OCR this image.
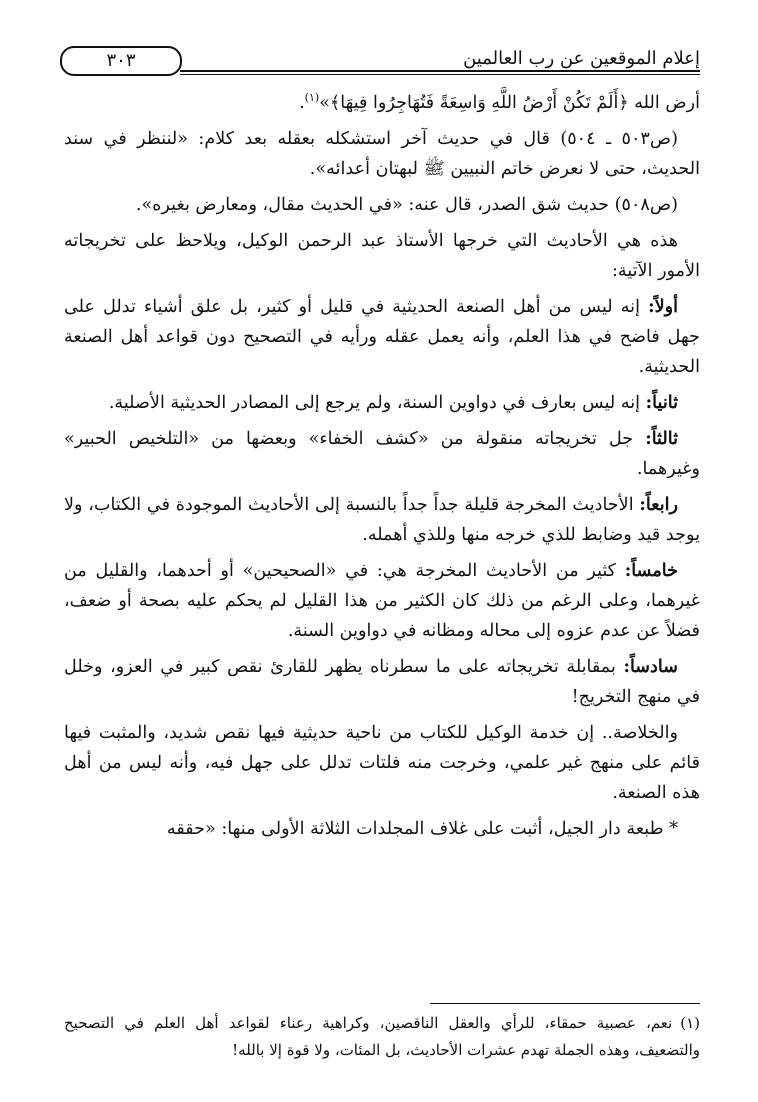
إعلام الموقعين عن رب العالمين
٣٠٣

أرض الله ﴿أَلَمْ تَكُنْ أَرْضُ اللَّهِ وَاسِعَةً فَتُهَاجِرُوا فِيهَا﴾»$^{(١)}$.

(ص٥٠٣ ـ ٥٠٤) قال في حديث آخر استشكله بعقله بعد كلام: «لننظر في سند الحديث، حتى لا نعرض خاتم النبيين ﷺ لبهتان أعدائه».

(ص٥٠٨) حديث شق الصدر، قال عنه: «في الحديث مقال، ومعارض بغيره».

هذه هي الأحاديث التي خرجها الأستاذ عبد الرحمن الوكيل، ويلاحظ على تخريجاته الأمور الآتية:

أولاً: إنه ليس من أهل الصنعة الحديثية في قليل أو كثير، بل علق أشياء تدلل على جهل فاضح في هذا العلم، وأنه يعمل عقله ورأيه في التصحيح دون قواعد أهل الصنعة الحديثية.

ثانياً: إنه ليس بعارف في دواوين السنة، ولم يرجع إلى المصادر الحديثية الأصلية.

ثالثاً: جل تخريجاته منقولة من «كشف الخفاء» وبعضها من «التلخيص الحبير» وغيرهما.

رابعاً: الأحاديث المخرجة قليلة جداً جداً بالنسبة إلى الأحاديث الموجودة في الكتاب، ولا يوجد قيد وضابط للذي خرجه منها وللذي أهمله.

خامساً: كثير من الأحاديث المخرجة هي: في «الصحيحين» أو أحدهما، والقليل من غيرهما، وعلى الرغم من ذلك كان الكثير من هذا القليل لم يحكم عليه بصحة أو ضعف، فضلاً عن عدم عزوه إلى محاله ومظانه في دواوين السنة.

سادساً: بمقابلة تخريجاته على ما سطرناه يظهر للقارئ نقص كبير في العزو، وخلل في منهج التخريج!

والخلاصة.. إن خدمة الوكيل للكتاب من ناحية حديثية فيها نقص شديد، والمثبت فيها قائم على منهج غير علمي، وخرجت منه فلتات تدلل على جهل فيه، وأنه ليس من أهل هذه الصنعة.

* طبعة دار الجيل، أثبت على غلاف المجلدات الثلاثة الأولى منها: «حققه

(١)نعم، عصبية حمقاء، للرأي والعقل الناقصين، وكراهية رعناء لقواعد أهل العلم في التصحيح والتضعيف، وهذه الجملة تهدم عشرات الأحاديث، بل المئات، ولا قوة إلا بالله!
